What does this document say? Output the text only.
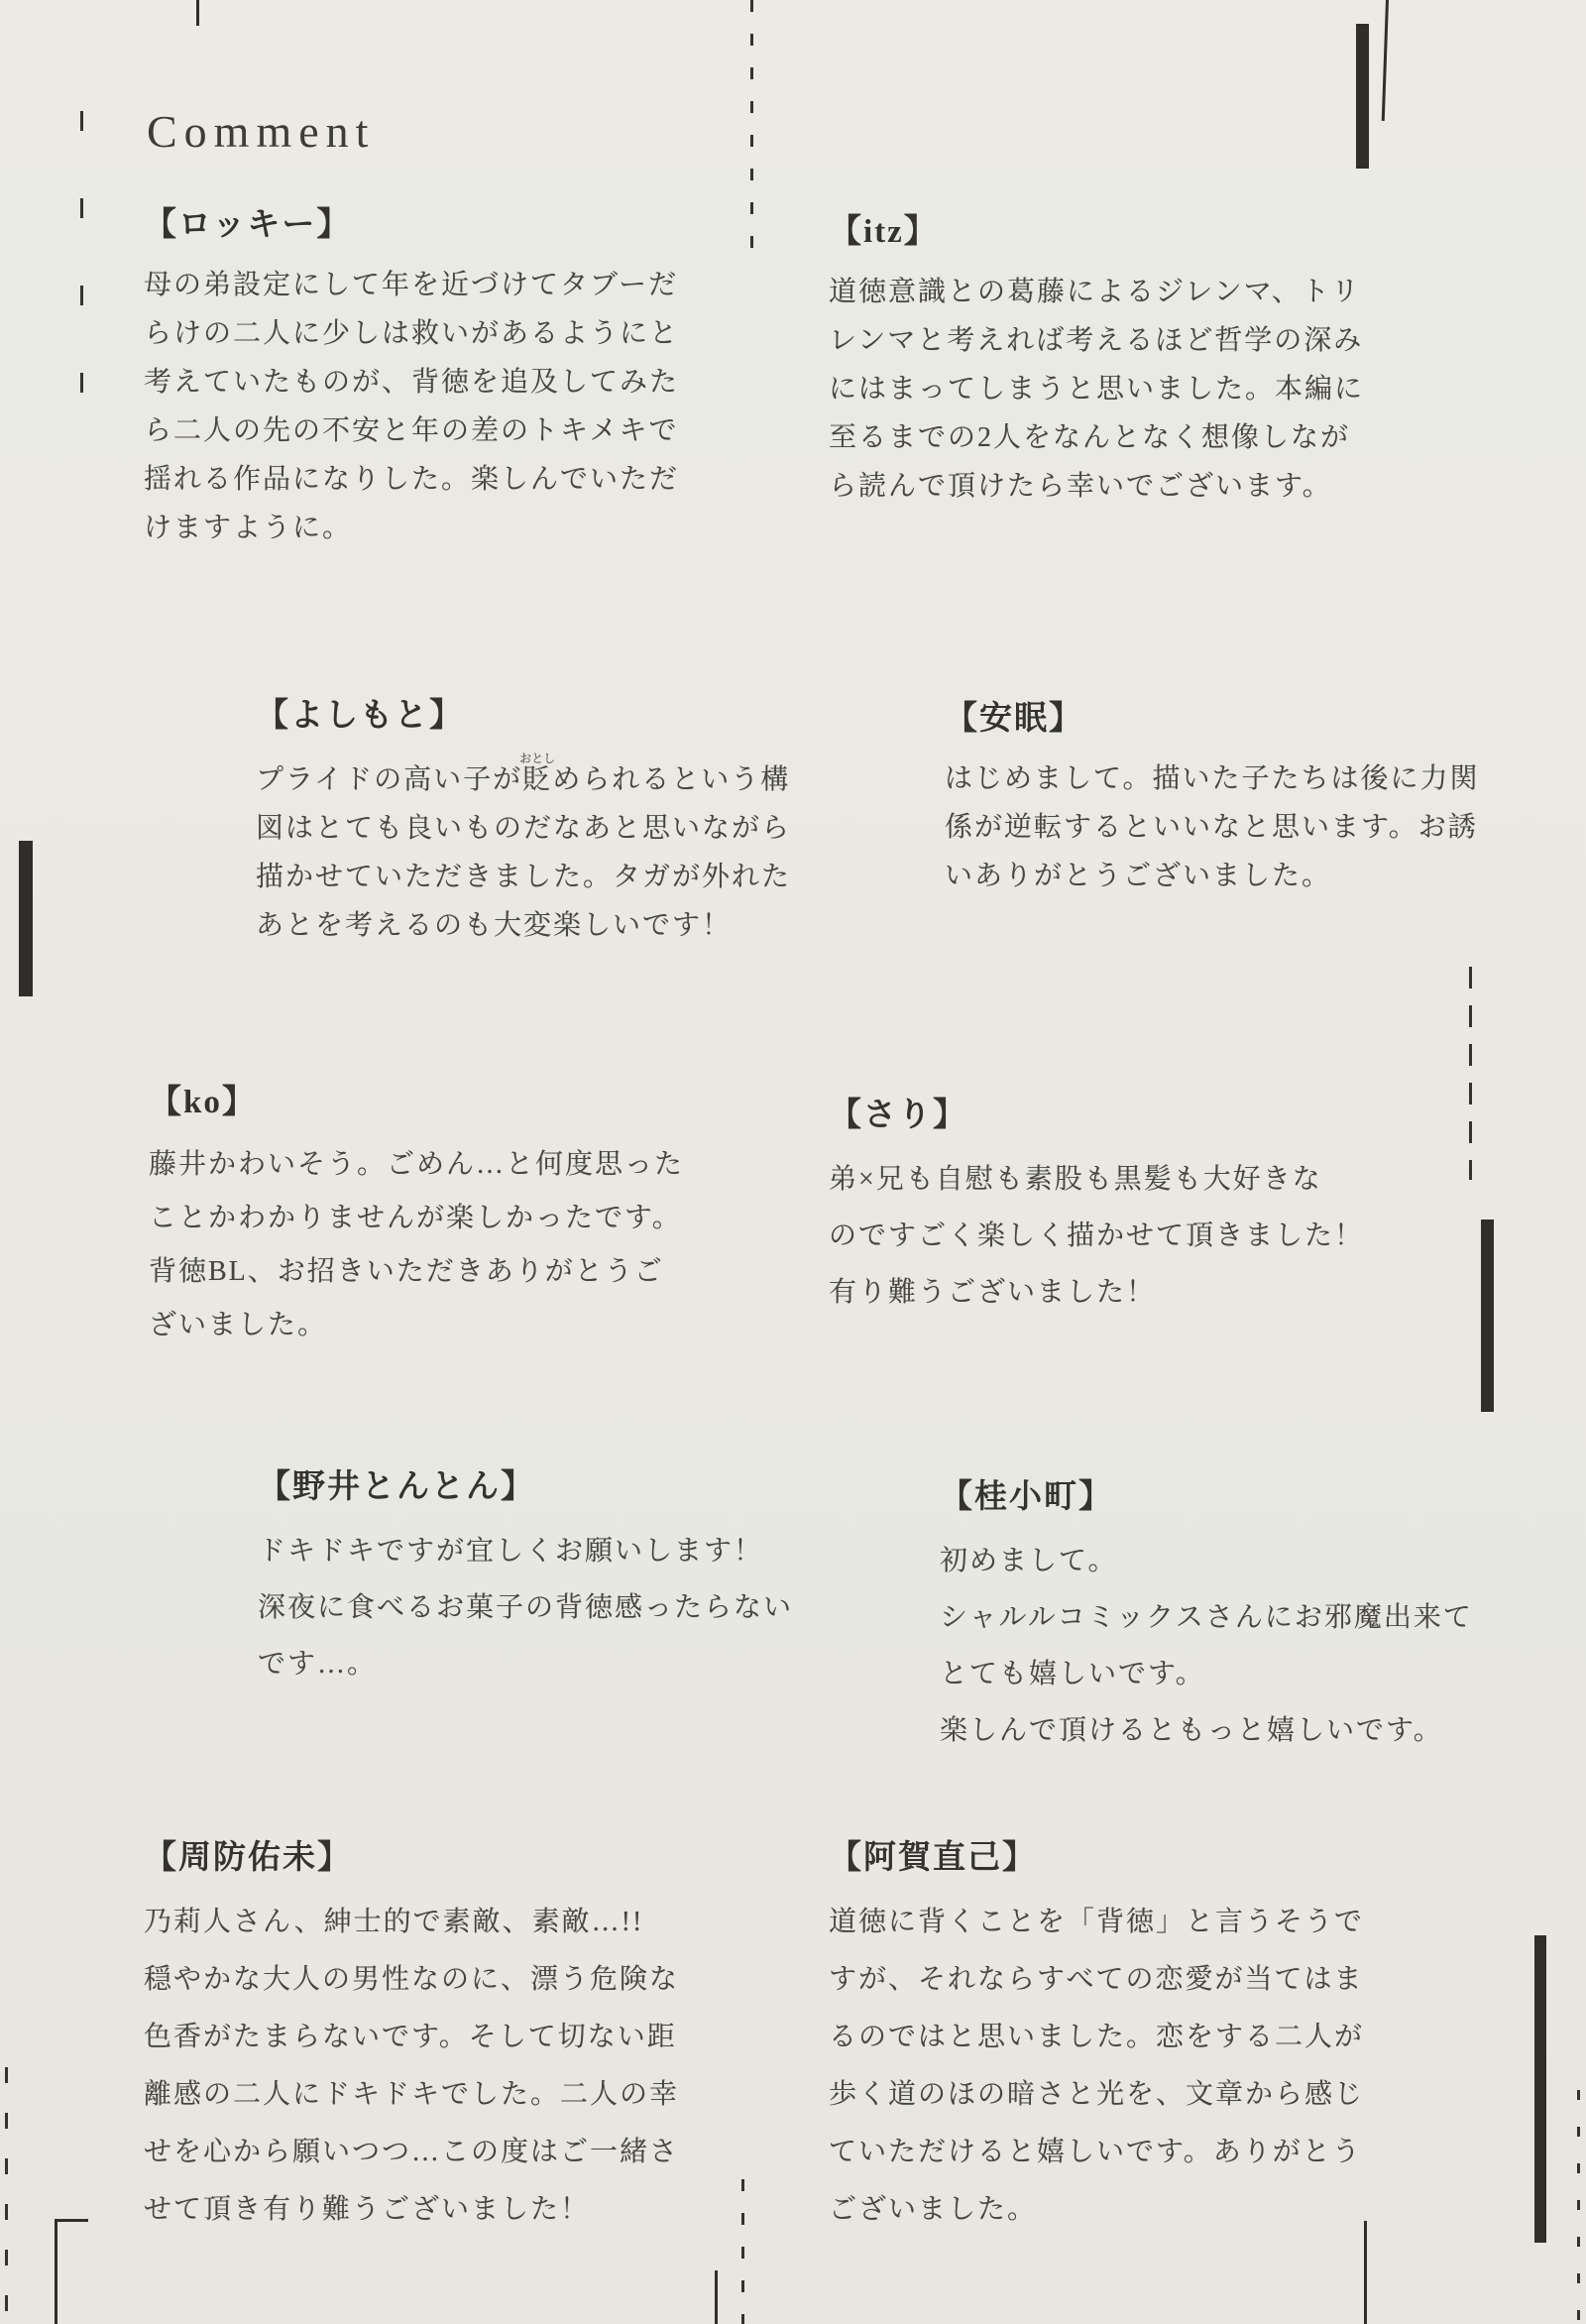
Comment
【ロッキー】
母の弟設定にして年を近づけてタブーだ
らけの二人に少しは救いがあるようにと
考えていたものが、背徳を追及してみた
ら二人の先の不安と年の差のトキメキで
揺れる作品になりした。楽しんでいただ
けますように。
【itz】
道徳意識との葛藤によるジレンマ、トリ
レンマと考えれば考えるほど哲学の深み
にはまってしまうと思いました。本編に
至るまでの2人をなんとなく想像しなが
ら読んで頂けたら幸いでございます。
【よしもと】
プライドの高い子が貶おとしめられるという構
図はとても良いものだなあと思いながら
描かせていただきました。タガが外れた
あとを考えるのも大変楽しいです！
【安眠】
はじめまして。描いた子たちは後に力関
係が逆転するといいなと思います。お誘
いありがとうございました。
【ko】
藤井かわいそう。ごめん…と何度思った
ことかわかりませんが楽しかったです。
背徳BL、お招きいただきありがとうご
ざいました。
【さり】
弟×兄も自慰も素股も黒髪も大好きな
のですごく楽しく描かせて頂きました！
有り難うございました！
【野井とんとん】
ドキドキですが宜しくお願いします！
深夜に食べるお菓子の背徳感ったらない
です…。
【桂小町】
初めまして。
シャルルコミックスさんにお邪魔出来て
とても嬉しいです。
楽しんで頂けるともっと嬉しいです。
【周防佑未】
乃莉人さん、紳士的で素敵、素敵…!!
穏やかな大人の男性なのに、漂う危険な
色香がたまらないです。そして切ない距
離感の二人にドキドキでした。二人の幸
せを心から願いつつ…この度はご一緒さ
せて頂き有り難うございました！
【阿賀直己】
道徳に背くことを「背徳」と言うそうで
すが、それならすべての恋愛が当てはま
るのではと思いました。恋をする二人が
歩く道のほの暗さと光を、文章から感じ
ていただけると嬉しいです。ありがとう
ございました。
